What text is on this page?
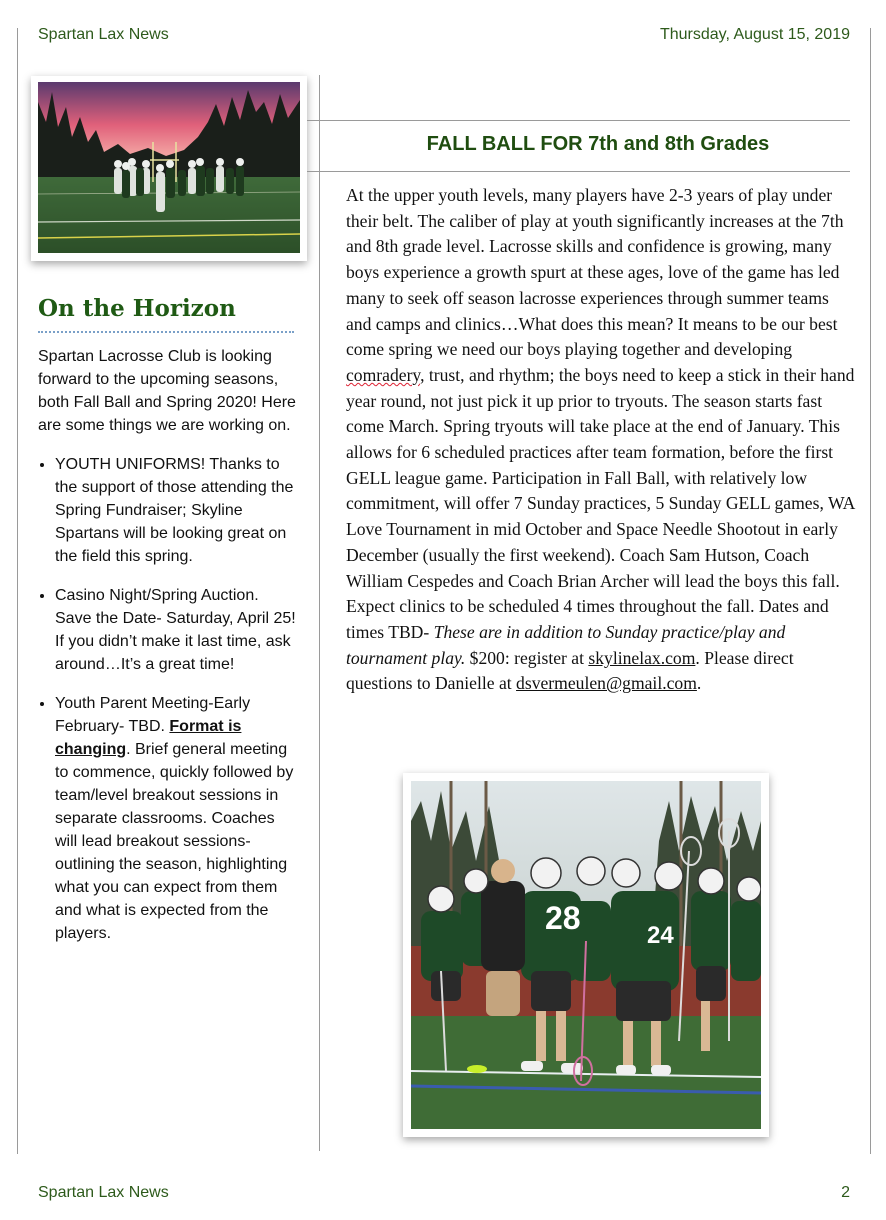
Spartan Lax News	Thursday, August 15, 2019
On the Horizon

Spartan Lacrosse Club is looking forward to the upcoming seasons, both Fall Ball and Spring 2020! Here are some things we are working on.

• YOUTH UNIFORMS! Thanks to the support of those attending the Spring Fundraiser; Skyline Spartans will be looking great on the field this spring.
• Casino Night/Spring Auction. Save the Date- Saturday, April 25! If you didn’t make it last time, ask around…It’s a great time!
• Youth Parent Meeting-Early February- TBD. Format is changing. Brief general meeting to commence, quickly followed by team/level breakout sessions in separate classrooms. Coaches will lead breakout sessions-outlining the season, highlighting what you can expect from them and what is expected from the players.
FALL BALL FOR 7th and 8th Grades

At the upper youth levels, many players have 2-3 years of play under their belt. The caliber of play at youth significantly increases at the 7th and 8th grade level. Lacrosse skills and confidence is growing, many boys experience a growth spurt at these ages, love of the game has led many to seek off season lacrosse experiences through summer teams and camps and clinics…What does this mean? It means to be our best come spring we need our boys playing together and developing comradery, trust, and rhythm; the boys need to keep a stick in their hand year round, not just pick it up prior to tryouts. The season starts fast come March. Spring tryouts will take place at the end of January. This allows for 6 scheduled practices after team formation, before the first GELL league game. Participation in Fall Ball, with relatively low commitment, will offer 7 Sunday practices, 5 Sunday GELL games, WA Love Tournament in mid October and Space Needle Shootout in early December (usually the first weekend). Coach Sam Hutson, Coach William Cespedes and Coach Brian Archer will lead the boys this fall. Expect clinics to be scheduled 4 times throughout the fall. Dates and times TBD- These are in addition to Sunday practice/play and tournament play. $200: register at skylinelax.com. Please direct questions to Danielle at dsvermeulen@gmail.com.

28	24
Spartan Lax News	2
